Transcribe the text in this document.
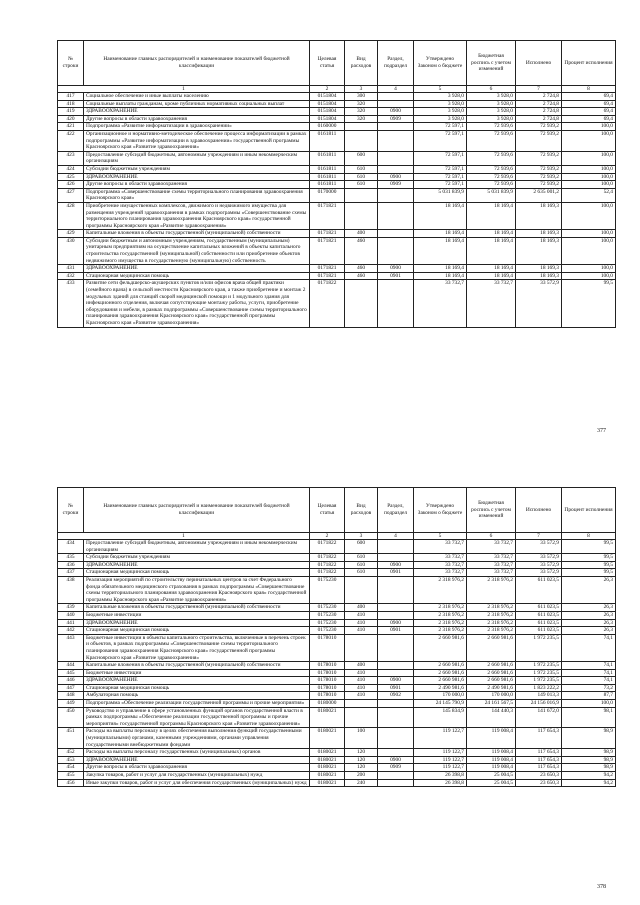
№ строки	Наименование главных распорядителей и наименование показателей бюджетной классификации	Целевая статья	Вид расходов	Раздел, подраздел	Утверждено Законом о бюджете	Бюджетная роспись с учетом изменений	Исполнено	Процент исполнения
1		2	3	4	5	6	7	8
417	Социальное обеспечение и иные выплаты населению	0151804	300		3 928,0	3 928,0	2 724,8	69,4
418	Социальные выплаты гражданам, кроме публичных нормативных социальных выплат	0151804	320		3 928,0	3 928,0	2 724,8	69,4
419	ЗДРАВООХРАНЕНИЕ	0151804	320	0900	3 928,0	3 928,0	2 724,8	69,4
420	Другие вопросы в области здравоохранения	0151804	320	0909	3 928,0	3 928,0	2 724,8	69,4
421	Подпрограмма «Развитие информатизации в здравоохранении»	0160000			72 597,1	72 939,6	72 939,2	100,0
422	Организационное и нормативно-методическое обеспечение процесса информатизации в рамках подпрограммы «Развитие информатизации в здравоохранении» государственной программы Красноярского края «Развитие здравоохранения»	0161811			72 597,1	72 939,6	72 939,2	100,0
423	Предоставление субсидий бюджетным, автономным учреждениям и иным некоммерческим организациям	0161811	600		72 597,1	72 939,6	72 939,2	100,0
424	Субсидии бюджетным учреждениям	0161811	610		72 597,1	72 939,6	72 939,2	100,0
425	ЗДРАВООХРАНЕНИЕ	0161811	610	0900	72 597,1	72 939,6	72 939,2	100,0
426	Другие вопросы в области здравоохранения	0161811	610	0909	72 597,1	72 939,6	72 939,2	100,0
427	Подпрограмма «Совершенствование схемы территориального планирования здравоохранения Красноярского края»	0170000			5 031 839,9	5 031 839,9	2 635 001,2	52,4
428	Приобретение имущественных комплексов, движимого и недвижимого имущества для размещения учреждений здравоохранения в рамках подпрограммы «Совершенствование схемы территориального планирования здравоохранения Красноярского края» государственной программы Красноярского края «Развитие здравоохранения»	0171821			18 169,4	18 169,4	18 169,3	100,0
429	Капитальные вложения в объекты государственной (муниципальной) собственности	0171821	400		18 169,4	18 169,4	18 169,3	100,0
430	Субсидии бюджетным и автономным учреждениям, государственным (муниципальным) унитарным предприятиям на осуществление капитальных вложений в объекты капитального строительства государственной (муниципальной) собственности или приобретение объектов недвижимого имущества в государственную (муниципальную) собственность	0171821	460		18 169,4	18 169,4	18 169,3	100,0
431	ЗДРАВООХРАНЕНИЕ	0171821	460	0900	18 169,4	18 169,4	18 169,3	100,0
432	Стационарная медицинская помощь	0171821	460	0901	18 169,4	18 169,4	18 169,3	100,0
433	Развитие сети фельдшерско-акушерских пунктов и/или офисов врача общей практики (семейного врача) в сельской местности Красноярского края, а также приобретение и монтаж 2 модульных зданий для станций скорой медицинской помощи и 1 модульного здания для инфекционного отделения, включая сопутствующие монтажу работы, услуги, приобретение оборудования и мебели, в рамках подпрограммы «Совершенствование схемы территориального планирования здравоохранения Красноярского края» государственной программы Красноярского края «Развитие здравоохранения»	0171822			33 732,7	33 732,7	33 572,9	99,5
377
№ строки	Наименование главных распорядителей и наименование показателей бюджетной классификации	Целевая статья	Вид расходов	Раздел, подраздел	Утверждено Законом о бюджете	Бюджетная роспись с учетом изменений	Исполнено	Процент исполнения
1		2	3	4	5	6	7	8
434	Предоставление субсидий бюджетным, автономным учреждениям и иным некоммерческим организациям	0171822	600		33 732,7	33 732,7	33 572,9	99,5
435	Субсидии бюджетным учреждениям	0171822	610		33 732,7	33 732,7	33 572,9	99,5
436	ЗДРАВООХРАНЕНИЕ	0171822	610	0900	33 732,7	33 732,7	33 572,9	99,5
437	Стационарная медицинская помощь	0171822	610	0901	33 732,7	33 732,7	33 572,9	99,5
438	Реализация мероприятий по строительству перинатальных центров за счет Федерального фонда обязательного медицинского страхования в рамках подпрограммы «Совершенствование схемы территориального планирования здравоохранения Красноярского края» государственной программы Красноярского края «Развитие здравоохранения»	0175230			2 318 976,2	2 318 976,2	611 023,5	26,3
439	Капитальные вложения в объекты государственной (муниципальной) собственности	0175230	400		2 318 976,2	2 318 976,2	611 023,5	26,3
440	Бюджетные инвестиции	0175230	410		2 318 976,2	2 318 976,2	611 023,5	26,3
441	ЗДРАВООХРАНЕНИЕ	0175230	410	0900	2 318 976,2	2 318 976,2	611 023,5	26,3
442	Стационарная медицинская помощь	0175230	410	0901	2 318 976,2	2 318 976,2	611 023,5	26,3
443	Бюджетные инвестиции в объекты капитального строительства, включенные в перечень строек и объектов, в рамках подпрограммы «Совершенствование схемы территориального планирования здравоохранения Красноярского края» государственной программы Красноярского края «Развитие здравоохранения»	0178010			2 660 981,6	2 660 981,6	1 972 235,5	74,1
444	Капитальные вложения в объекты государственной (муниципальной) собственности	0178010	400		2 660 981,6	2 660 981,6	1 972 235,5	74,1
445	Бюджетные инвестиции	0178010	410		2 660 981,6	2 660 981,6	1 972 235,5	74,1
446	ЗДРАВООХРАНЕНИЕ	0178010	410	0900	2 660 981,6	2 660 981,6	1 972 235,5	74,1
447	Стационарная медицинская помощь	0178010	410	0901	2 490 981,6	2 490 981,6	1 823 222,2	73,2
448	Амбулаторная помощь	0178010	410	0902	170 000,0	170 000,0	149 013,3	87,7
449	Подпрограмма «Обеспечение реализации государственной программы и прочие мероприятия»	0180000			24 145 790,9	24 161 567,5	24 156 016,9	100,0
450	Руководство и управление в сфере установленных функций органов государственной власти в рамках подпрограммы «Обеспечение реализации государственной программы и прочие мероприятия» государственной программы Красноярского края «Развитие здравоохранения»	0180021			145 834,9	144 440,3	141 672,0	98,1
451	Расходы на выплаты персоналу в целях обеспечения выполнения функций государственными (муниципальными) органами, казенными учреждениями, органами управления государственными внебюджетными фондами	0180021	100		119 122,7	119 008,4	117 654,3	98,9
452	Расходы на выплаты персоналу государственных (муниципальных) органов	0180021	120		119 122,7	119 008,4	117 654,3	98,9
453	ЗДРАВООХРАНЕНИЕ	0180021	120	0900	119 122,7	119 008,4	117 654,3	98,9
454	Другие вопросы в области здравоохранения	0180021	120	0909	119 122,7	119 008,4	117 654,3	98,9
455	Закупка товаров, работ и услуг для государственных (муниципальных) нужд	0180021	200		26 398,8	25 004,5	23 650,3	94,2
456	Иные закупки товаров, работ и услуг для обеспечения государственных (муниципальных) нужд	0180021	240		26 398,8	25 004,5	23 650,3	94,2
378
